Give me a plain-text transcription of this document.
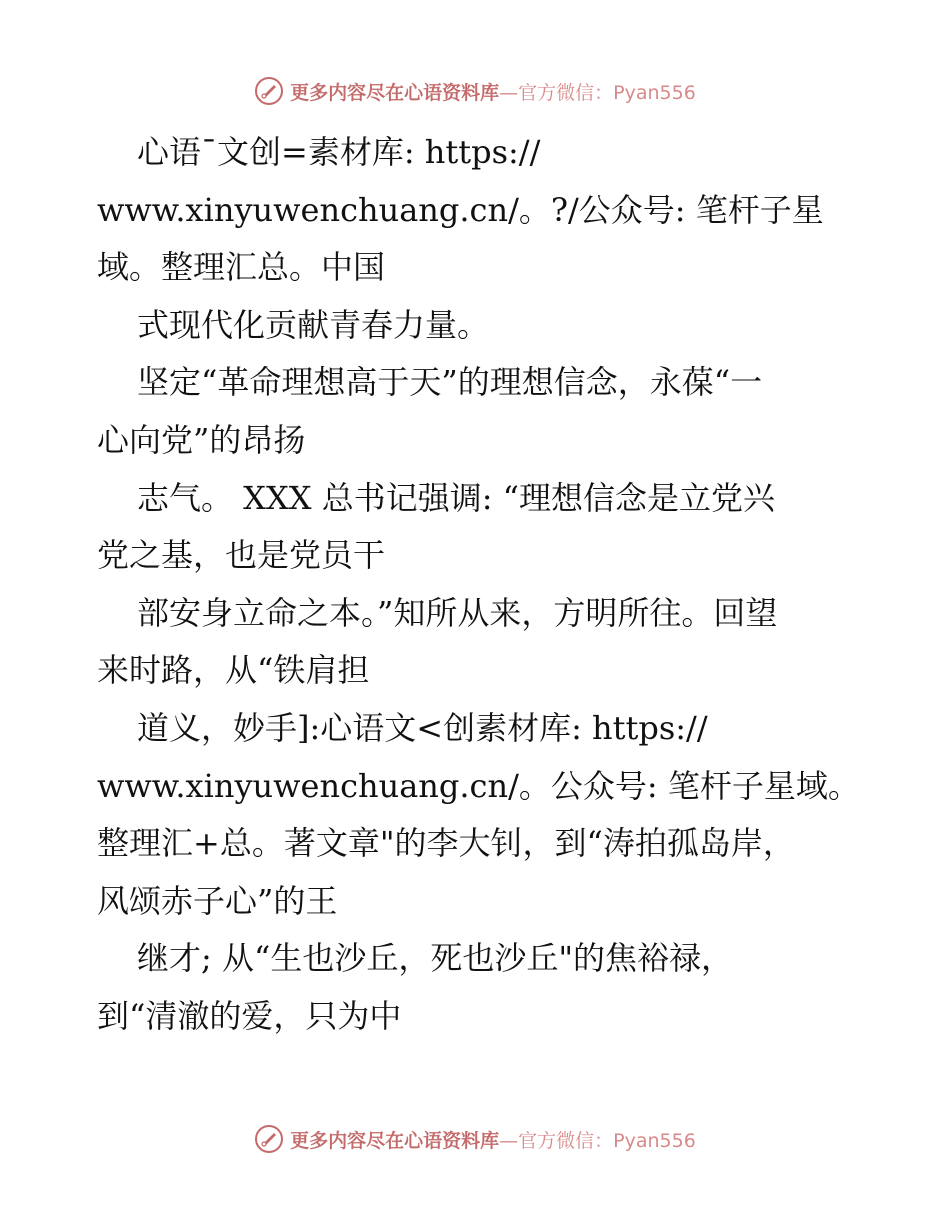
更多内容尽在心语资料库—官方微信：Pyan556
心语¯文创=素材库: https://
www.xinyuwenchuang.cn/。?/公众号: 笔杆子星
域。整理汇总。中国
式现代化贡献青春力量。
坚定“革命理想高于天”的理想信念，永葆“一
心向党”的昂扬
志气。 XXX 总书记强调: “理想信念是立党兴
党之基，也是党员干
部安身立命之本。”知所从来，方明所往。回望
来时路，从“铁肩担
道义，妙手]:心语文<创素材库: https://
www.xinyuwenchuang.cn/。公众号: 笔杆子星域。
整理汇+总。著文章"的李大钊，到“涛拍孤岛岸，
风颂赤子心”的王
继才; 从“生也沙丘，死也沙丘"的焦裕禄，
到“清澈的爱，只为中
更多内容尽在心语资料库—官方微信：Pyan556
